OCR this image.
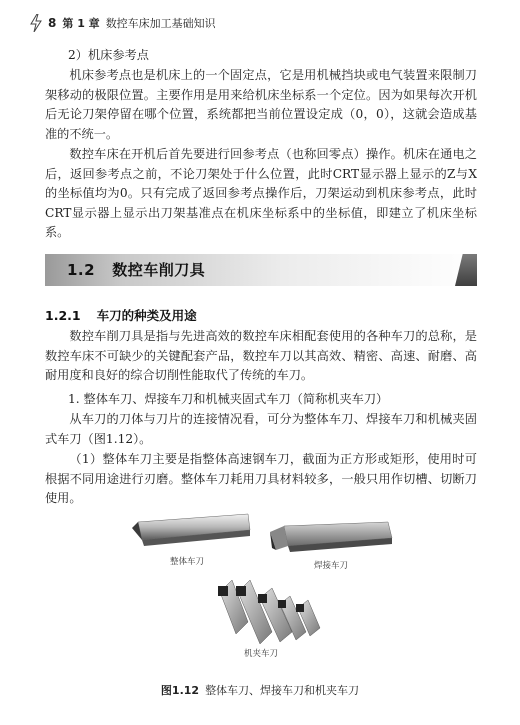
8 第 1 章 数控车床加工基础知识

2）机床参考点

机床参考点也是机床上的一个固定点，它是用机械挡块或电气装置来限制刀架移动的极限位置。主要作用是用来给机床坐标系一个定位。因为如果每次开机后无论刀架停留在哪个位置，系统都把当前位置设定成（0，0），这就会造成基准的不统一。

数控车床在开机后首先要进行回参考点（也称回零点）操作。机床在通电之后，返回参考点之前，不论刀架处于什么位置，此时CRT显示器上显示的Z与X的坐标值均为0。只有完成了返回参考点操作后，刀架运动到机床参考点，此时CRT显示器上显示出刀架基准点在机床坐标系中的坐标值，即建立了机床坐标系。

1.2 数控车削刀具
1.2.1 车刀的种类及用途

数控车削刀具是指与先进高效的数控车床相配套使用的各种车刀的总称，是数控车床不可缺少的关键配套产品，数控车刀以其高效、精密、高速、耐磨、高耐用度和良好的综合切削性能取代了传统的车刀。

1. 整体车刀、焊接车刀和机械夹固式车刀（简称机夹车刀）

从车刀的刀体与刀片的连接情况看，可分为整体车刀、焊接车刀和机械夹固式车刀（图1.12）。

（1）整体车刀主要是指整体高速钢车刀，截面为正方形或矩形，使用时可根据不同用途进行刃磨。整体车刀耗用刀具材料较多，一般只用作切槽、切断刀使用。

整体车刀	焊接车刀
机夹车刀
图1.12 整体车刀、焊接车刀和机夹车刀
